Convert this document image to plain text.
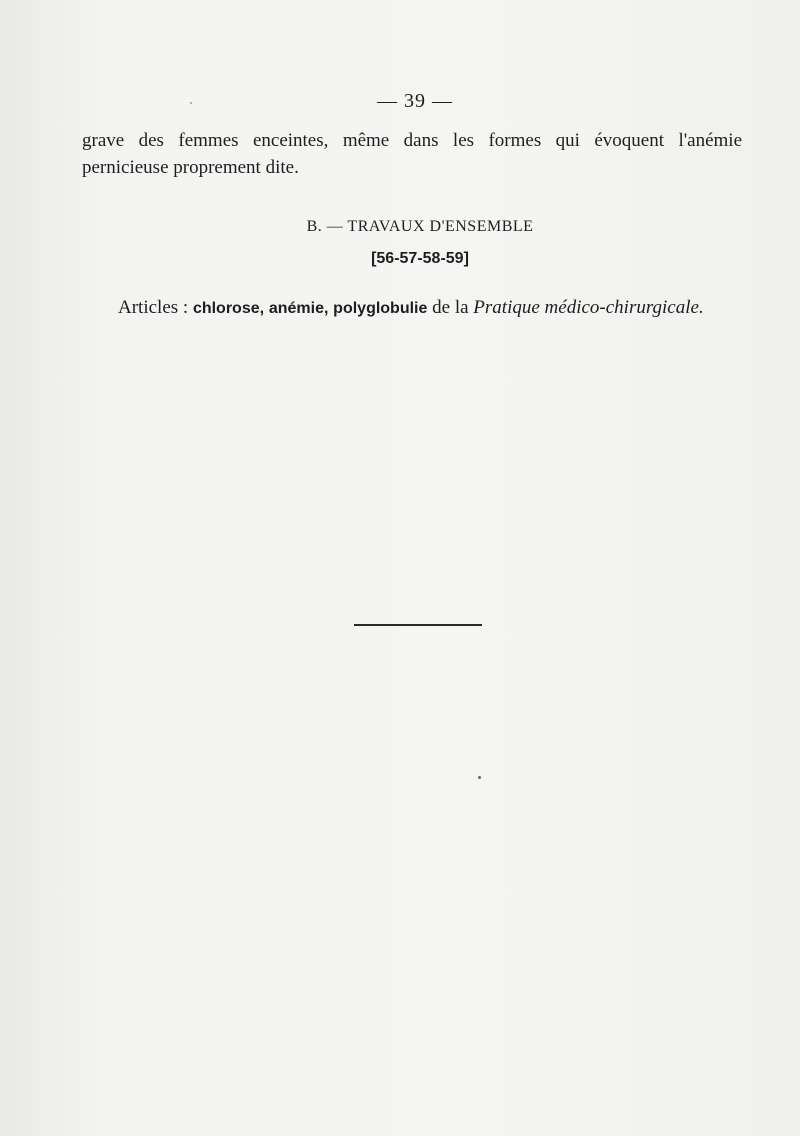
— 39 —
grave des femmes enceintes, même dans les formes qui évoquent l'anémie
pernicieuse proprement dite.
B. — TRAVAUX D'ENSEMBLE
[56-57-58-59]
Articles : chlorose, anémie, polyglobulie de la Pratique médico-chirurgicale.
